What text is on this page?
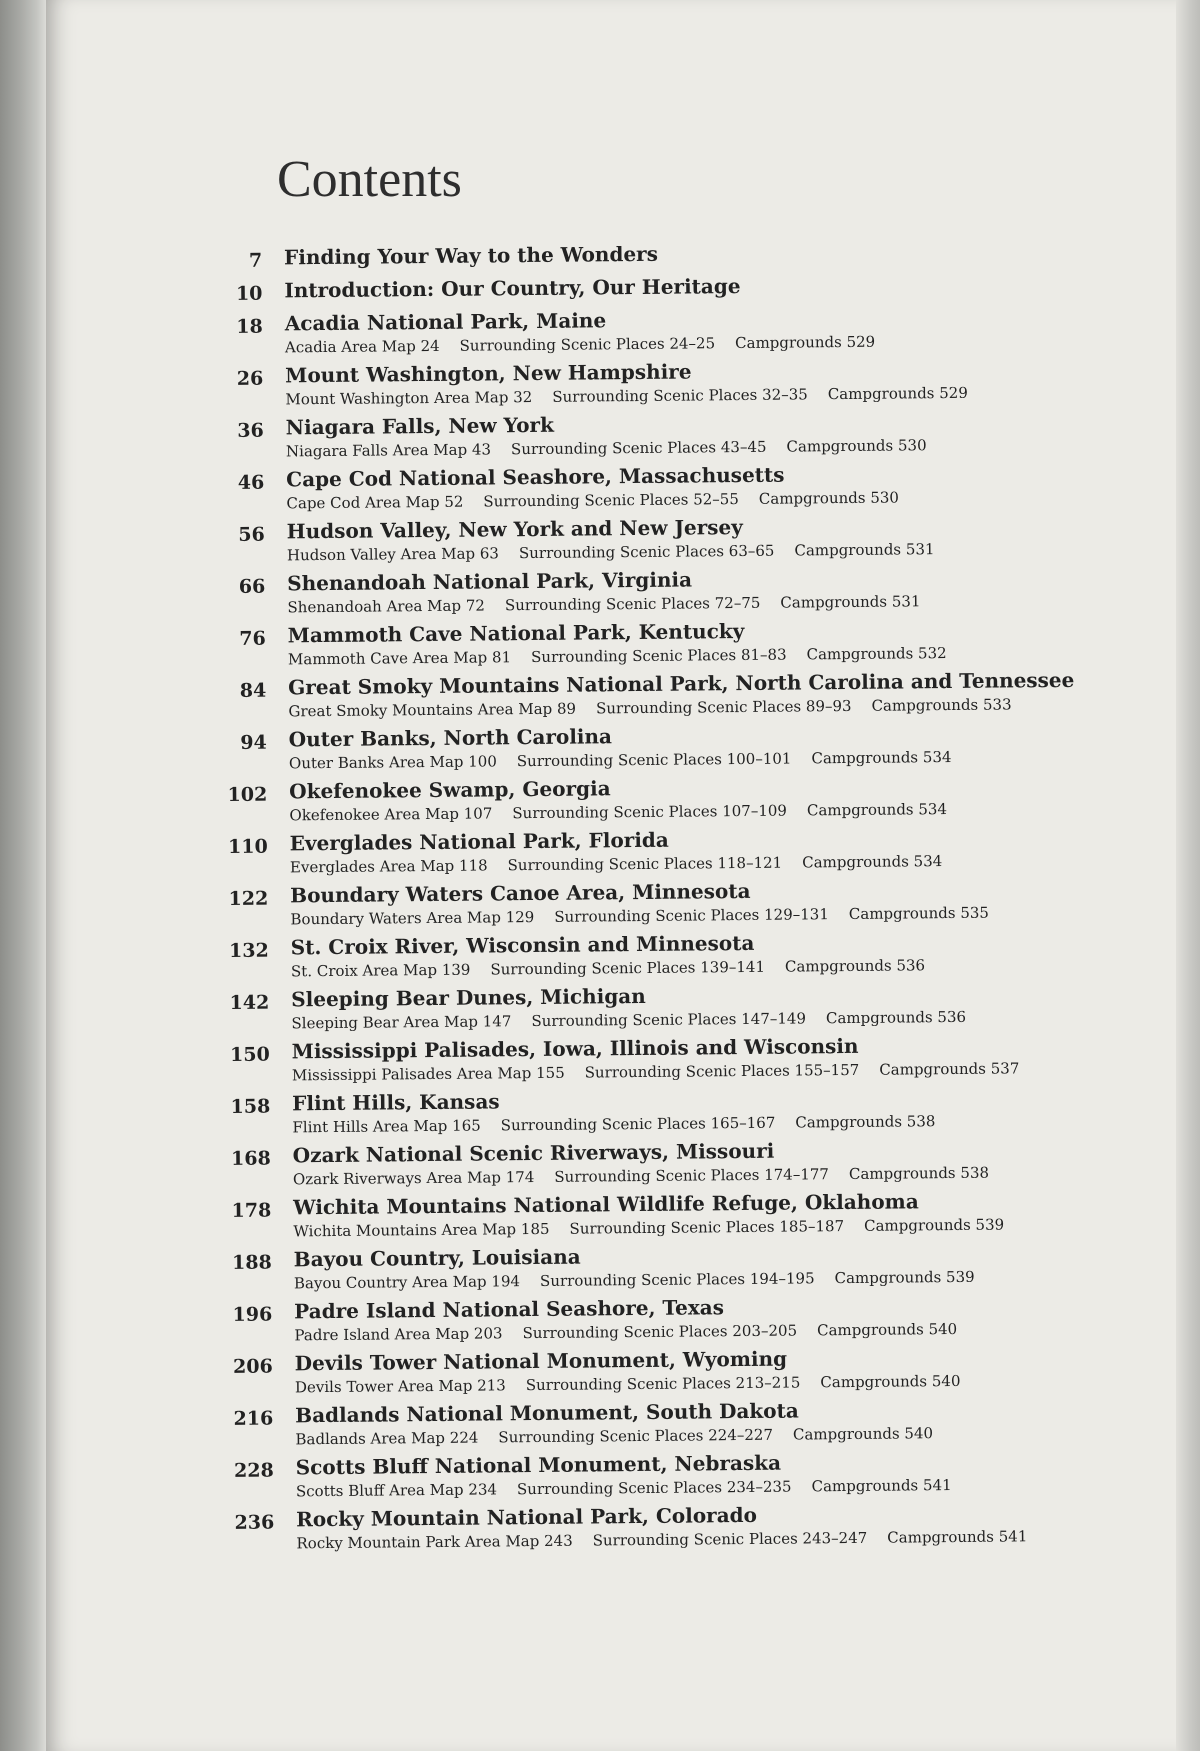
Contents
7 Finding Your Way to the Wonders
10 Introduction: Our Country, Our Heritage
18 Acadia National Park, Maine
Acadia Area Map 24 Surrounding Scenic Places 24–25 Campgrounds 529
26 Mount Washington, New Hampshire
Mount Washington Area Map 32 Surrounding Scenic Places 32–35 Campgrounds 529
36 Niagara Falls, New York
Niagara Falls Area Map 43 Surrounding Scenic Places 43–45 Campgrounds 530
46 Cape Cod National Seashore, Massachusetts
Cape Cod Area Map 52 Surrounding Scenic Places 52–55 Campgrounds 530
56 Hudson Valley, New York and New Jersey
Hudson Valley Area Map 63 Surrounding Scenic Places 63–65 Campgrounds 531
66 Shenandoah National Park, Virginia
Shenandoah Area Map 72 Surrounding Scenic Places 72–75 Campgrounds 531
76 Mammoth Cave National Park, Kentucky
Mammoth Cave Area Map 81 Surrounding Scenic Places 81–83 Campgrounds 532
84 Great Smoky Mountains National Park, North Carolina and Tennessee
Great Smoky Mountains Area Map 89 Surrounding Scenic Places 89–93 Campgrounds 533
94 Outer Banks, North Carolina
Outer Banks Area Map 100 Surrounding Scenic Places 100–101 Campgrounds 534
102 Okefenokee Swamp, Georgia
Okefenokee Area Map 107 Surrounding Scenic Places 107–109 Campgrounds 534
110 Everglades National Park, Florida
Everglades Area Map 118 Surrounding Scenic Places 118–121 Campgrounds 534
122 Boundary Waters Canoe Area, Minnesota
Boundary Waters Area Map 129 Surrounding Scenic Places 129–131 Campgrounds 535
132 St. Croix River, Wisconsin and Minnesota
St. Croix Area Map 139 Surrounding Scenic Places 139–141 Campgrounds 536
142 Sleeping Bear Dunes, Michigan
Sleeping Bear Area Map 147 Surrounding Scenic Places 147–149 Campgrounds 536
150 Mississippi Palisades, Iowa, Illinois and Wisconsin
Mississippi Palisades Area Map 155 Surrounding Scenic Places 155–157 Campgrounds 537
158 Flint Hills, Kansas
Flint Hills Area Map 165 Surrounding Scenic Places 165–167 Campgrounds 538
168 Ozark National Scenic Riverways, Missouri
Ozark Riverways Area Map 174 Surrounding Scenic Places 174–177 Campgrounds 538
178 Wichita Mountains National Wildlife Refuge, Oklahoma
Wichita Mountains Area Map 185 Surrounding Scenic Places 185–187 Campgrounds 539
188 Bayou Country, Louisiana
Bayou Country Area Map 194 Surrounding Scenic Places 194–195 Campgrounds 539
196 Padre Island National Seashore, Texas
Padre Island Area Map 203 Surrounding Scenic Places 203–205 Campgrounds 540
206 Devils Tower National Monument, Wyoming
Devils Tower Area Map 213 Surrounding Scenic Places 213–215 Campgrounds 540
216 Badlands National Monument, South Dakota
Badlands Area Map 224 Surrounding Scenic Places 224–227 Campgrounds 540
228 Scotts Bluff National Monument, Nebraska
Scotts Bluff Area Map 234 Surrounding Scenic Places 234–235 Campgrounds 541
236 Rocky Mountain National Park, Colorado
Rocky Mountain Park Area Map 243 Surrounding Scenic Places 243–247 Campgrounds 541
